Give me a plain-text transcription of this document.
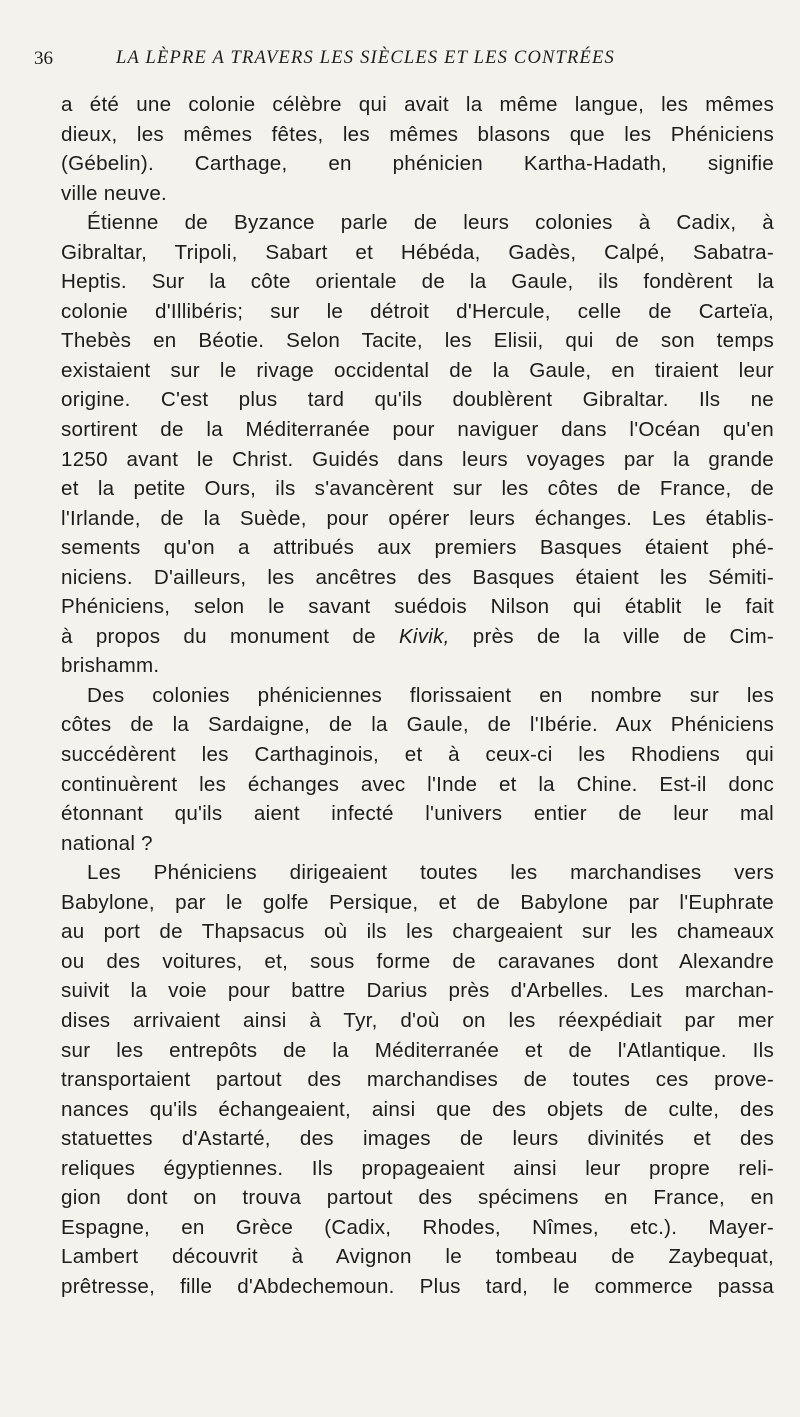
36	LA LÈPRE A TRAVERS LES SIÈCLES ET LES CONTRÉES
a été une colonie célèbre qui avait la même langue, les mêmes
dieux, les mêmes fêtes, les mêmes blasons que les Phéniciens
(Gébelin). Carthage, en phénicien Kartha-Hadath, signifie
ville neuve.
Étienne de Byzance parle de leurs colonies à Cadix, à
Gibraltar, Tripoli, Sabart et Hébéda, Gadès, Calpé, Sabatra-
Heptis. Sur la côte orientale de la Gaule, ils fondèrent la
colonie d'Illibéris; sur le détroit d'Hercule, celle de Carteïa,
Thebès en Béotie. Selon Tacite, les Elisii, qui de son temps
existaient sur le rivage occidental de la Gaule, en tiraient leur
origine. C'est plus tard qu'ils doublèrent Gibraltar. Ils ne
sortirent de la Méditerranée pour naviguer dans l'Océan qu'en
1250 avant le Christ. Guidés dans leurs voyages par la grande
et la petite Ours, ils s'avancèrent sur les côtes de France, de
l'Irlande, de la Suède, pour opérer leurs échanges. Les établis-
sements qu'on a attribués aux premiers Basques étaient phé-
niciens. D'ailleurs, les ancêtres des Basques étaient les Sémiti-
Phéniciens, selon le savant suédois Nilson qui établit le fait
à propos du monument de Kivik, près de la ville de Cim-
brishamm.
Des colonies phéniciennes florissaient en nombre sur les
côtes de la Sardaigne, de la Gaule, de l'Ibérie. Aux Phéniciens
succédèrent les Carthaginois, et à ceux-ci les Rhodiens qui
continuèrent les échanges avec l'Inde et la Chine. Est-il donc
étonnant qu'ils aient infecté l'univers entier de leur mal
national ?
Les Phéniciens dirigeaient toutes les marchandises vers
Babylone, par le golfe Persique, et de Babylone par l'Euphrate
au port de Thapsacus où ils les chargeaient sur les chameaux
ou des voitures, et, sous forme de caravanes dont Alexandre
suivit la voie pour battre Darius près d'Arbelles. Les marchan-
dises arrivaient ainsi à Tyr, d'où on les réexpédiait par mer
sur les entrepôts de la Méditerranée et de l'Atlantique. Ils
transportaient partout des marchandises de toutes ces prove-
nances qu'ils échangeaient, ainsi que des objets de culte, des
statuettes d'Astarté, des images de leurs divinités et des
reliques égyptiennes. Ils propageaient ainsi leur propre reli-
gion dont on trouva partout des spécimens en France, en
Espagne, en Grèce (Cadix, Rhodes, Nîmes, etc.). Mayer-
Lambert découvrit à Avignon le tombeau de Zaybequat,
prêtresse, fille d'Abdechemoun. Plus tard, le commerce passa
